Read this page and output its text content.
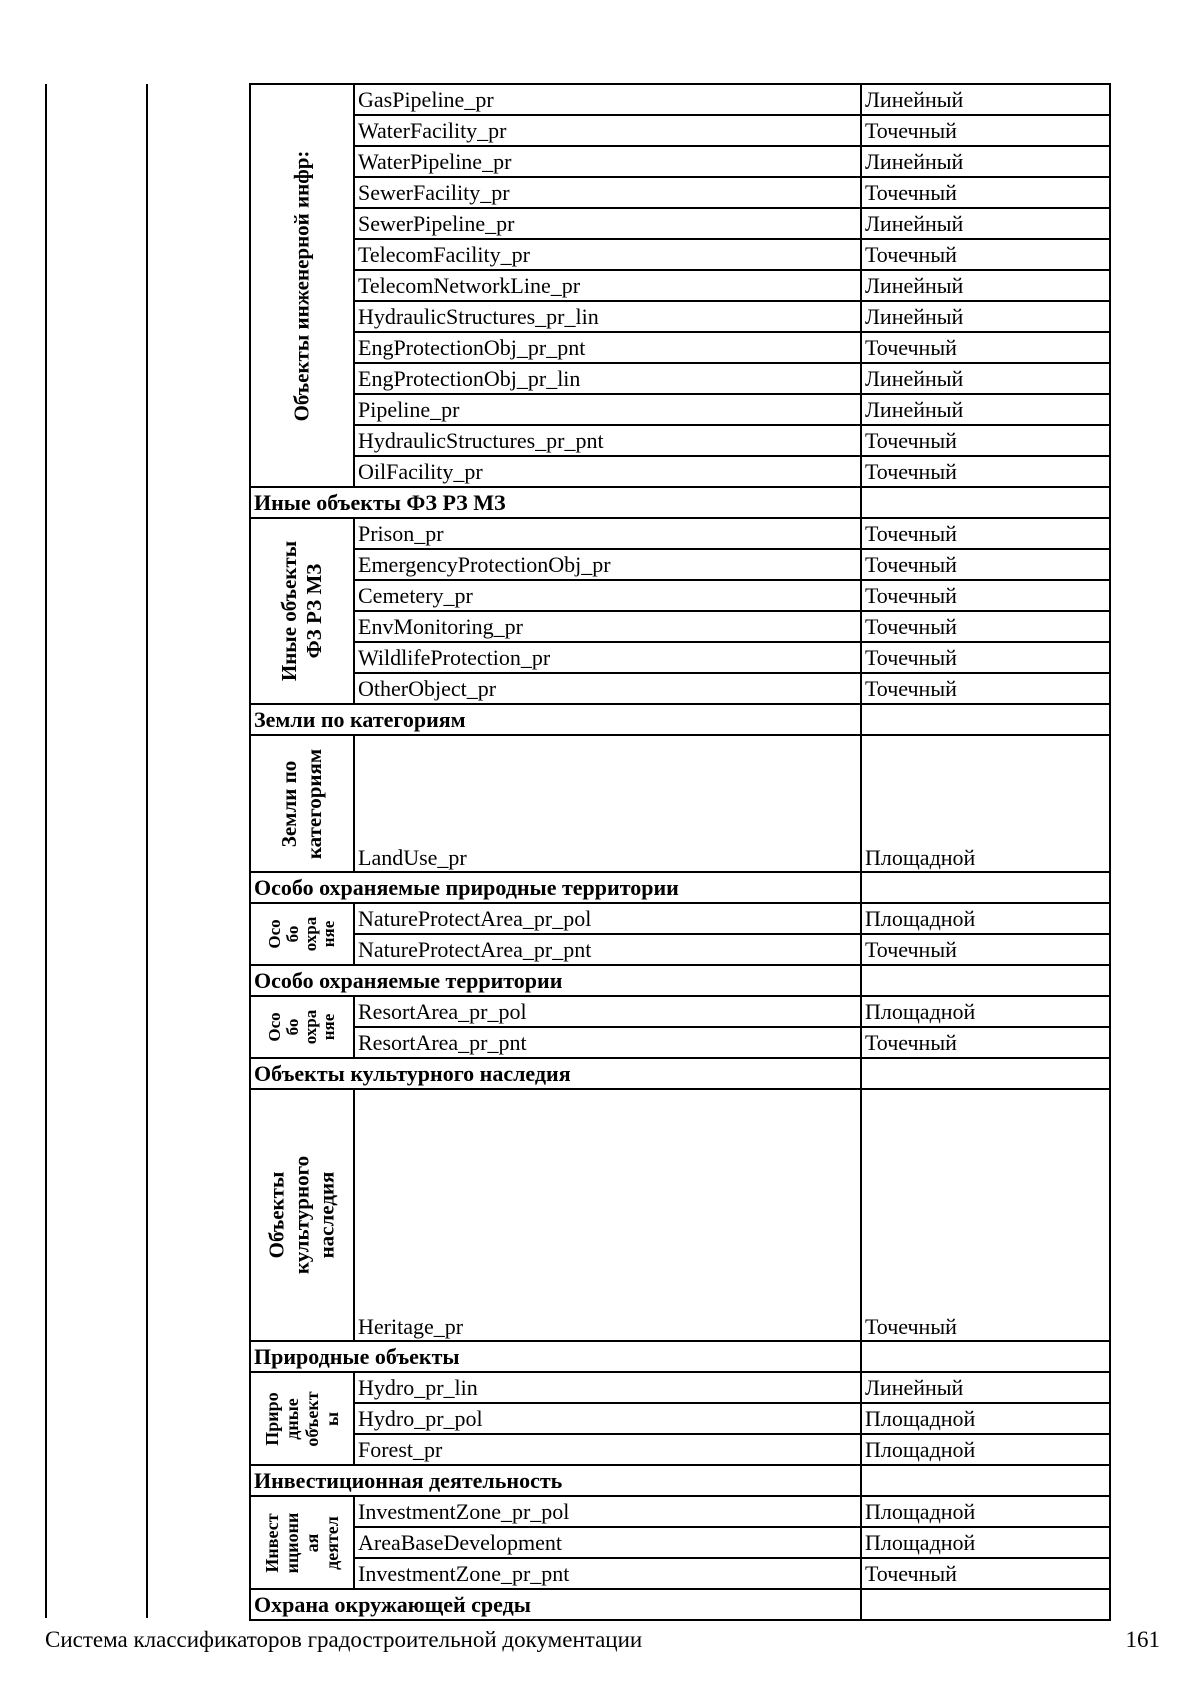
Объекты инженерной инфр:	GasPipeline_pr	Линейный
	WaterFacility_pr	Точечный
	WaterPipeline_pr	Линейный
	SewerFacility_pr	Точечный
	SewerPipeline_pr	Линейный
	TelecomFacility_pr	Точечный
	TelecomNetworkLine_pr	Линейный
	HydraulicStructures_pr_lin	Линейный
	EngProtectionObj_pr_pnt	Точечный
	EngProtectionObj_pr_lin	Линейный
	Pipeline_pr	Линейный
	HydraulicStructures_pr_pnt	Точечный
	OilFacility_pr	Точечный
Иные объекты ФЗ РЗ МЗ		

Иные объекты ФЗ РЗ МЗ	Prison_pr	Точечный
	EmergencyProtectionObj_pr	Точечный
	Cemetery_pr	Точечный
	EnvMonitoring_pr	Точечный
	WildlifeProtection_pr	Точечный
	OtherObject_pr	Точечный
Земли по категориям		

Земли по категориям	LandUse_pr	Площадной
Особо охраняемые природные территории		

Осо бо охра няе	NatureProtectArea_pr_pol	Площадной
	NatureProtectArea_pr_pnt	Точечный
Особо охраняемые территории		

Осо бо охра няе	ResortArea_pr_pol	Площадной
	ResortArea_pr_pnt	Точечный
Объекты культурного наследия		

Объекты культурного наследия	Heritage_pr	Точечный
Природные объекты		

Приро дные объект ы	Hydro_pr_lin	Линейный
	Hydro_pr_pol	Площадной
	Forest_pr	Площадной
Инвестиционная деятельность		

Инвест ициони ая деятел	InvestmentZone_pr_pol	Площадной
	AreaBaseDevelopment	Площадной
	InvestmentZone_pr_pnt	Точечный
Охрана окружающей среды		
Система классификаторов градостроительной документации	161
